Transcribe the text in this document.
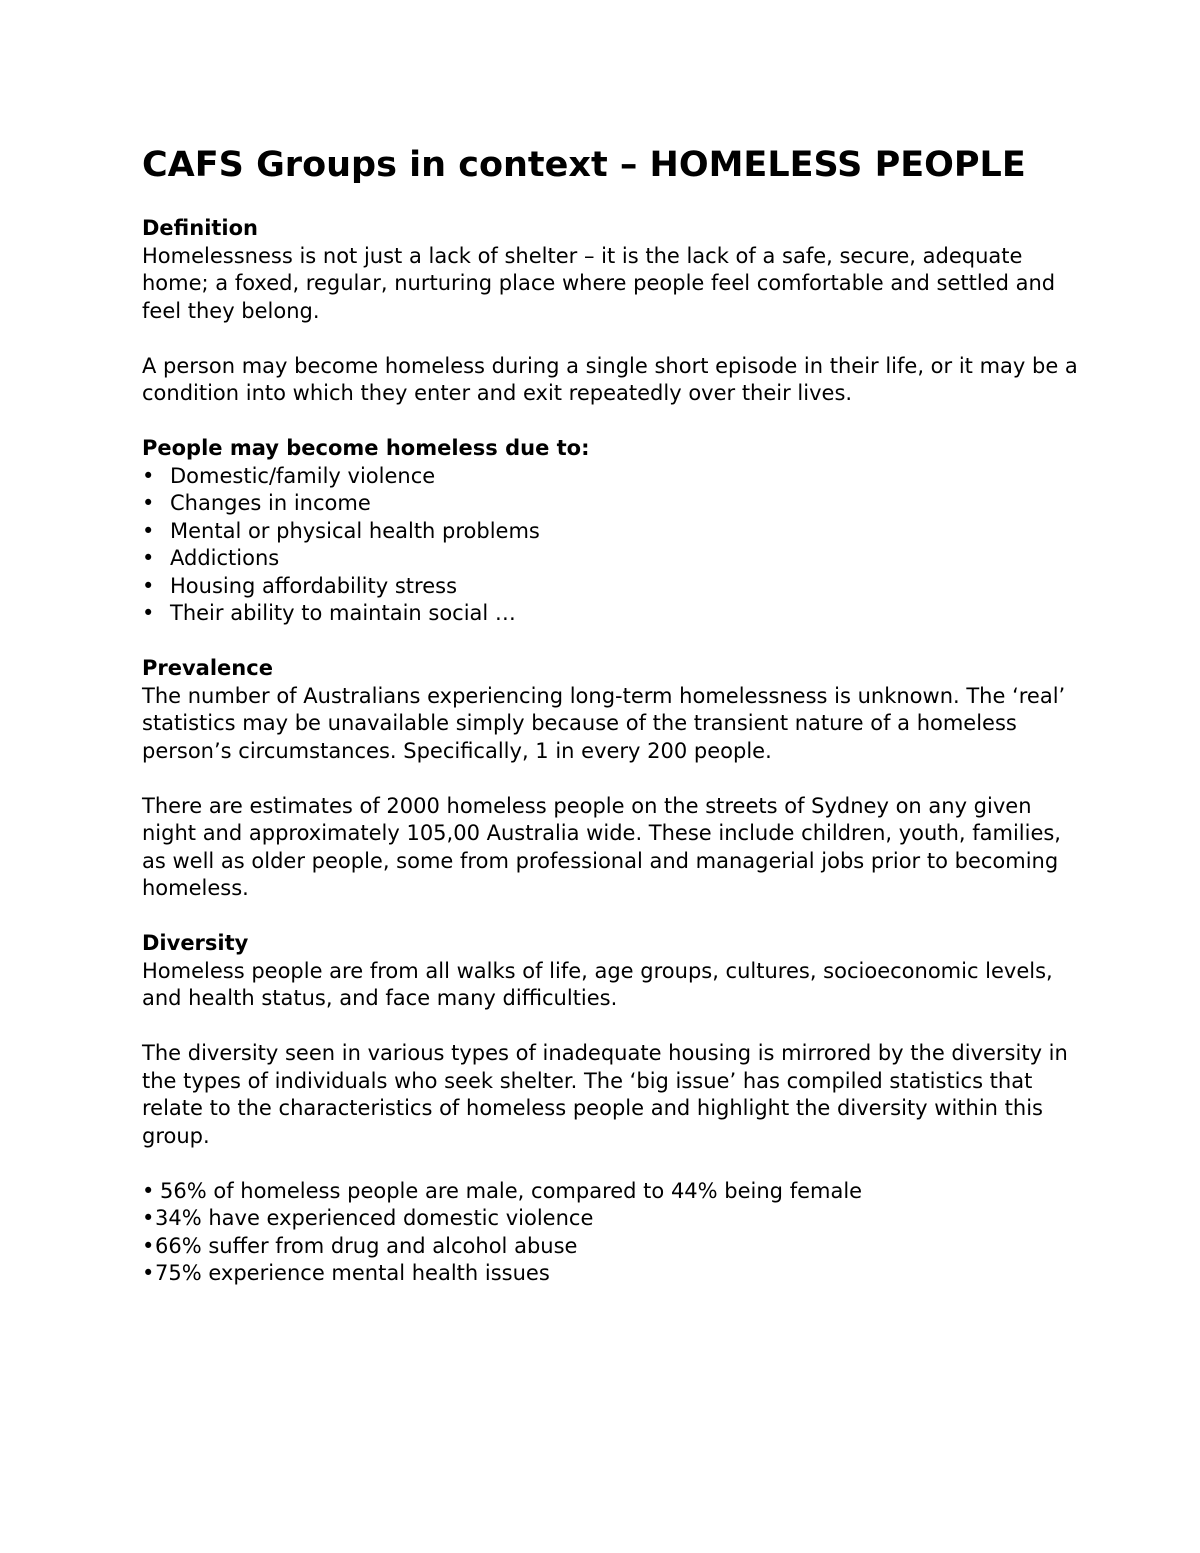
CAFS Groups in context – HOMELESS PEOPLE

Definition

Homelessness is not just a lack of shelter – it is the lack of a safe, secure, adequate home; a foxed, regular, nurturing place where people feel comfortable and settled and feel they belong.

A person may become homeless during a single short episode in their life, or it may be a condition into which they enter and exit repeatedly over their lives.

People may become homeless due to:

• Domestic/family violence
• Changes in income
• Mental or physical health problems
• Addictions
• Housing affordability stress
• Their ability to maintain social …

Prevalence

The number of Australians experiencing long-term homelessness is unknown. The ‘real’ statistics may be unavailable simply because of the transient nature of a homeless person’s circumstances. Specifically, 1 in every 200 people.

There are estimates of 2000 homeless people on the streets of Sydney on any given night and approximately 105,00 Australia wide. These include children, youth, families, as well as older people, some from professional and managerial jobs prior to becoming homeless.

Diversity

Homeless people are from all walks of life, age groups, cultures, socioeconomic levels, and health status, and face many difficulties.

The diversity seen in various types of inadequate housing is mirrored by the diversity in the types of individuals who seek shelter. The ‘big issue’ has compiled statistics that relate to the characteristics of homeless people and highlight the diversity within this group.

• 56% of homeless people are male, compared to 44% being female
• 34% have experienced domestic violence
• 66% suffer from drug and alcohol abuse
• 75% experience mental health issues
